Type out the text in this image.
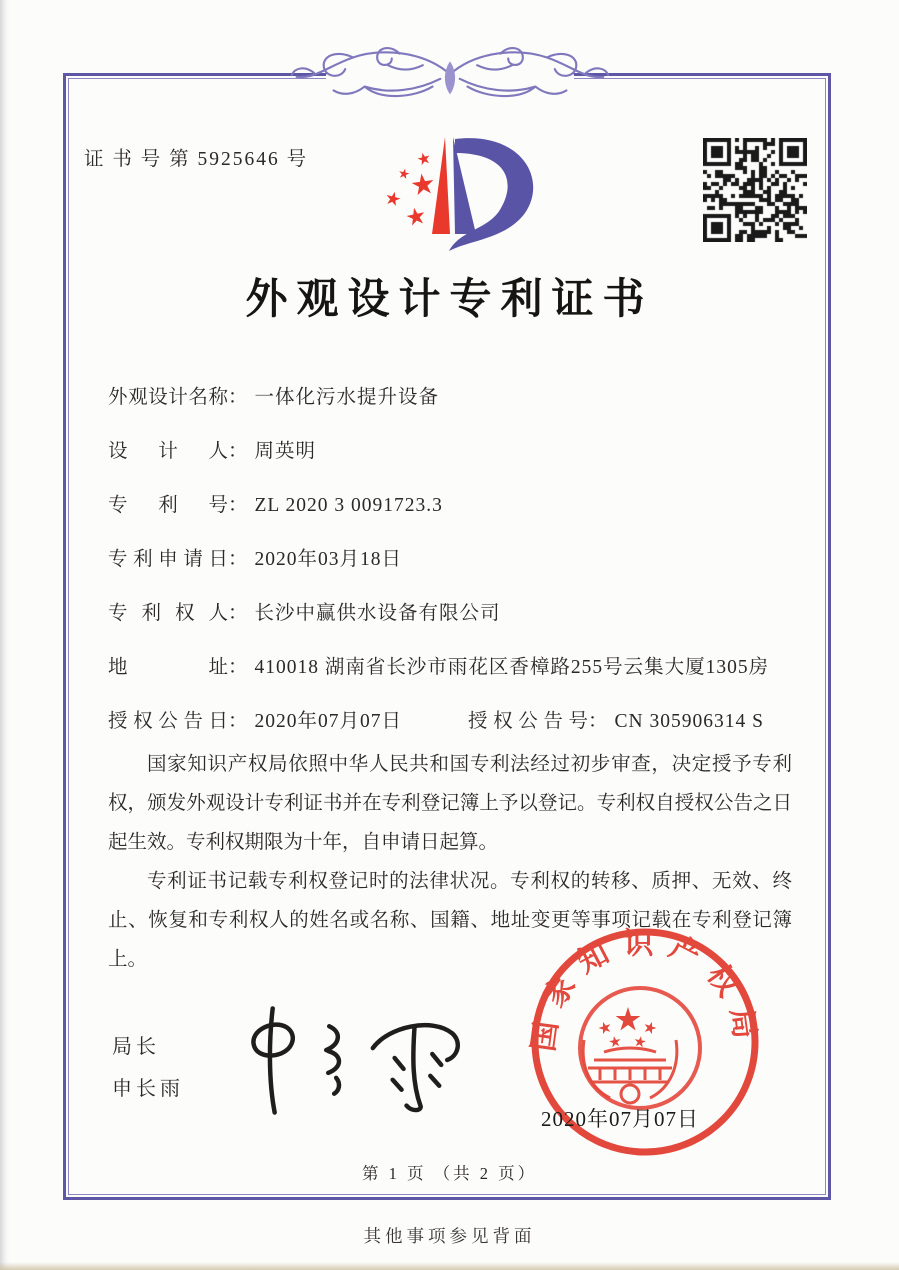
证 书 号 第 5925646 号
外观设计专利证书
外观设计名称： 一体化污水提升设备
设计人： 周英明
专利号： ZL 2020 3 0091723.3
专利申请日： 2020年03月18日
专利权人： 长沙中赢供水设备有限公司
地址： 410018 湖南省长沙市雨花区香樟路255号云集大厦1305房
授权公告日： 2020年07月07日	授权公告号： CN 305906314 S

国家知识产权局依照中华人民共和国专利法经过初步审查，决定授予专利权，颁发外观设计专利证书并在专利登记簿上予以登记。专利权自授权公告之日起生效。专利权期限为十年，自申请日起算。

专利证书记载专利权登记时的法律状况。专利权的转移、质押、无效、终止、恢复和专利权人的姓名或名称、国籍、地址变更等事项记载在专利登记簿上。

局长
申长雨
国家知识产权局
2020年07月07日
第 1 页 （共 2 页）
其他事项参见背面
